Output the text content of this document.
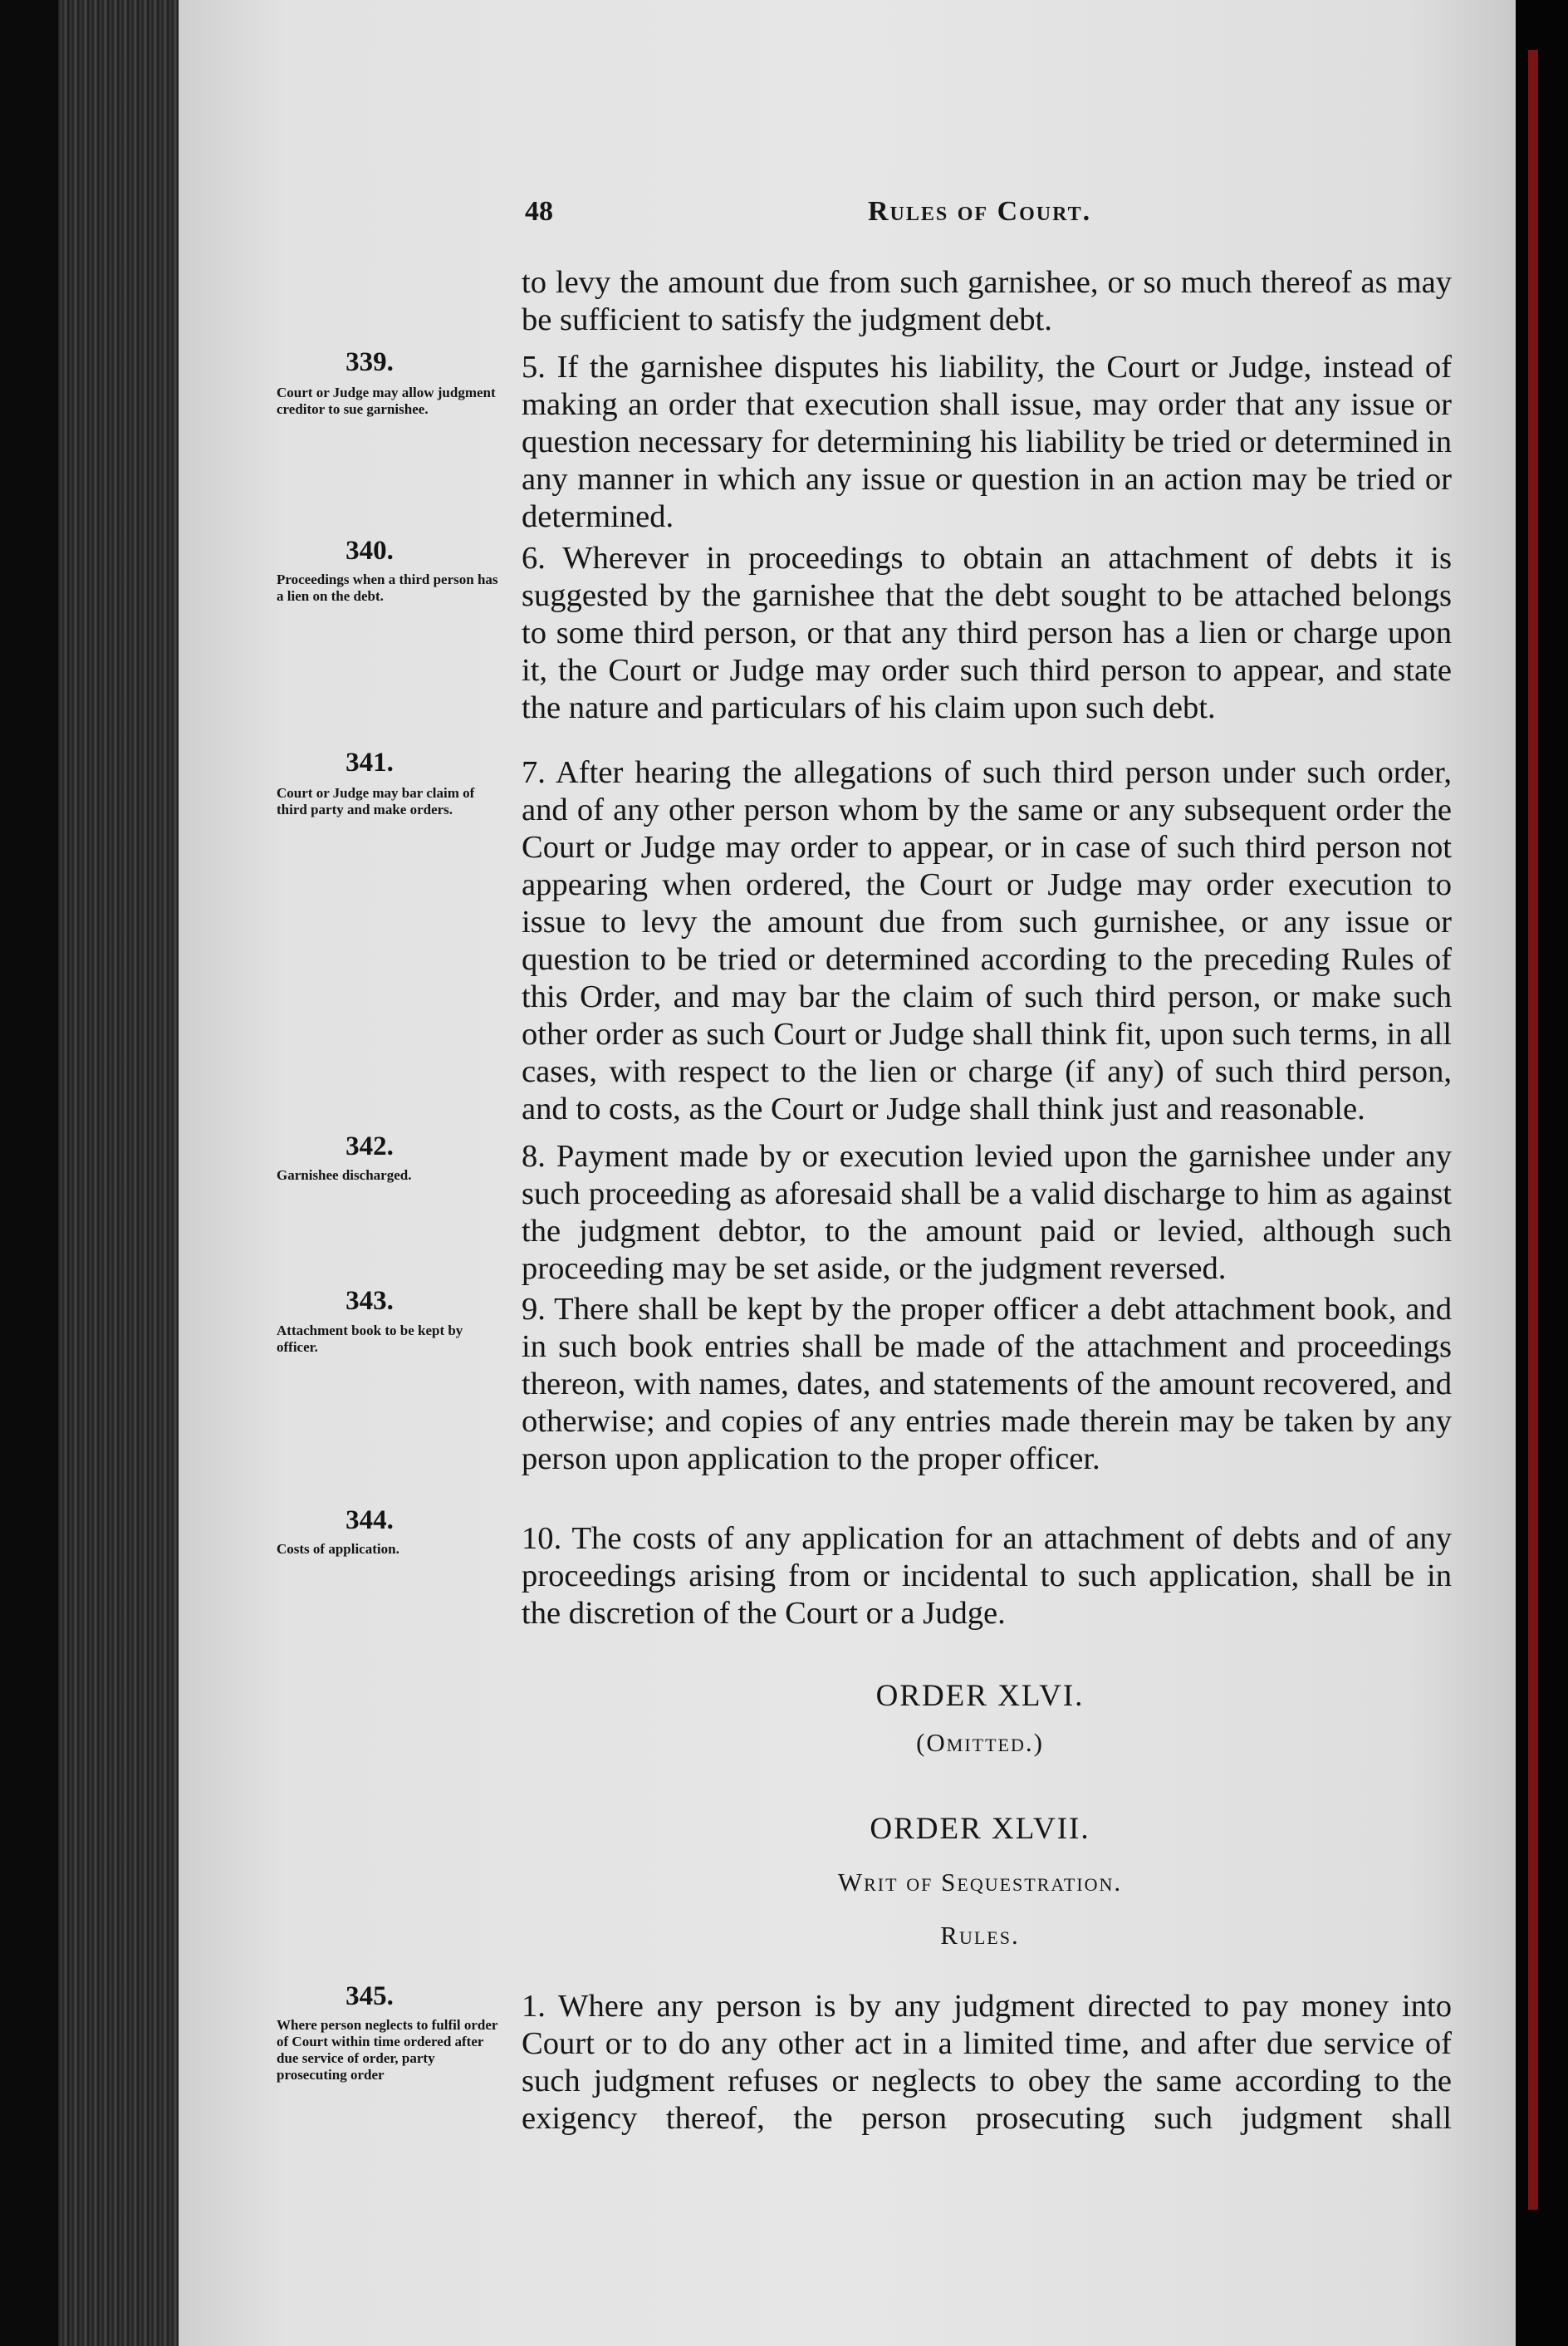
48	Rules of Court.
to levy the amount due from such garnishee, or so much thereof as may be sufficient to satisfy the judgment debt.
339.
Court or Judge may allow judgment creditor to sue garnishee.
5. If the garnishee disputes his liability, the Court or Judge, instead of making an order that execution shall issue, may order that any issue or question necessary for determining his liability be tried or determined in any manner in which any issue or question in an action may be tried or determined.
340.
Proceedings when a third person has a lien on the debt.
6. Wherever in proceedings to obtain an attachment of debts it is suggested by the garnishee that the debt sought to be attached belongs to some third person, or that any third person has a lien or charge upon it, the Court or Judge may order such third person to appear, and state the nature and particulars of his claim upon such debt.
341.
Court or Judge may bar claim of third party and make orders.
7. After hearing the allegations of such third person under such order, and of any other person whom by the same or any subsequent order the Court or Judge may order to appear, or in case of such third person not appearing when ordered, the Court or Judge may order execution to issue to levy the amount due from such gurnishee, or any issue or question to be tried or determined according to the preceding Rules of this Order, and may bar the claim of such third person, or make such other order as such Court or Judge shall think fit, upon such terms, in all cases, with respect to the lien or charge (if any) of such third person, and to costs, as the Court or Judge shall think just and reasonable.
342.
Garnishee discharged.
8. Payment made by or execution levied upon the garnishee under any such proceeding as aforesaid shall be a valid discharge to him as against the judgment debtor, to the amount paid or levied, although such proceeding may be set aside, or the judgment reversed.
343.
Attachment book to be kept by officer.
9. There shall be kept by the proper officer a debt attachment book, and in such book entries shall be made of the attachment and proceedings thereon, with names, dates, and statements of the amount recovered, and otherwise; and copies of any entries made therein may be taken by any person upon application to the proper officer.
344.
Costs of application.	10. The costs of any application for an attachment of debts and of any proceedings arising from or incidental to such application, shall be in the discretion of the Court or a Judge.
ORDER XLVI.
(Omitted.)
ORDER XLVII.
Writ of Sequestration.
Rules.
345.
Where person neglects to fulfil order of Court within time ordered after due service of order, party prosecuting order
1. Where any person is by any judgment directed to pay money into Court or to do any other act in a limited time, and after due service of such judgment refuses or neglects to obey the same according to the exigency thereof, the person prosecuting such judgment shall
